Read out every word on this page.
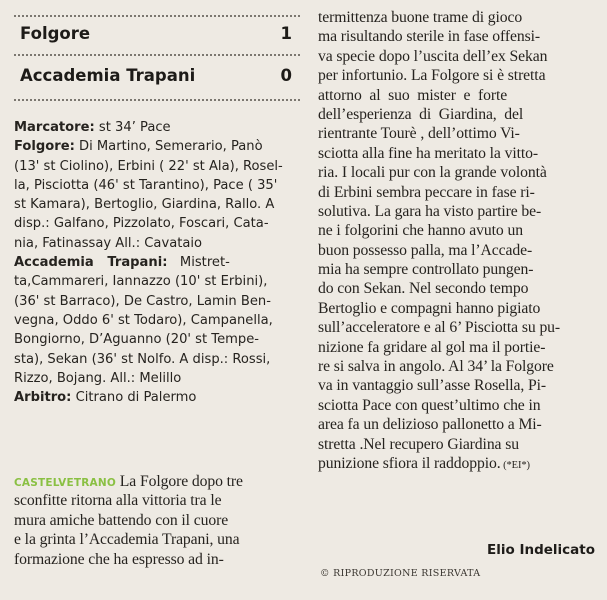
Folgore	1
Accademia Trapani	0
Marcatore: st 34’ Pace
Folgore: Di Martino, Semerario, Panò
(13' st Ciolino), Erbini ( 22' st Ala), Rosel-
la, Pisciotta (46' st Tarantino), Pace ( 35'
st Kamara), Bertoglio, Giardina, Rallo. A
disp.: Galfano, Pizzolato, Foscari, Cata-
nia, Fatinassay All.: Cavataio
Accademia   Trapani:   Mistret-
ta,Cammareri, Iannazzo (10' st Erbini),
(36' st Barraco), De Castro, Lamin Ben-
vegna, Oddo 6' st Todaro), Campanella,
Bongiorno, D’Aguanno (20' st Tempe-
sta), Sekan (36' st Nolfo. A disp.: Rossi,
Rizzo, Bojang. All.: Melillo
Arbitro: Citrano di Palermo
CASTELVETRANO La Folgore dopo tre
sconfitte ritorna alla vittoria tra le
mura amiche battendo con il cuore
e la grinta l’Accademia Trapani, una
formazione che ha espresso ad in-
termittenza buone trame di gioco
ma risultando sterile in fase offensi-
va specie dopo l’uscita dell’ex Sekan
per infortunio. La Folgore si è stretta
attorno  al  suo  mister  e  forte
dell’esperienza  di  Giardina,  del
rientrante Tourè , dell’ottimo Vi-
sciotta alla fine ha meritato la vitto-
ria. I locali pur con la grande volontà
di Erbini sembra peccare in fase ri-
solutiva. La gara ha visto partire be-
ne i folgorini che hanno avuto un
buon possesso palla, ma l’Accade-
mia ha sempre controllato pungen-
do con Sekan. Nel secondo tempo
Bertoglio e compagni hanno pigiato
sull’acceleratore e al 6’ Pisciotta su pu-
nizione fa gridare al gol ma il portie-
re si salva in angolo. Al 34’ la Folgore
va in vantaggio sull’asse Rosella, Pi-
sciotta Pace con quest’ultimo che in
area fa un delizioso pallonetto a Mi-
stretta .Nel recupero Giardina su
punizione sfiora il raddoppio. (*EI*)
Elio Indelicato
© RIPRODUZIONE RISERVATA
